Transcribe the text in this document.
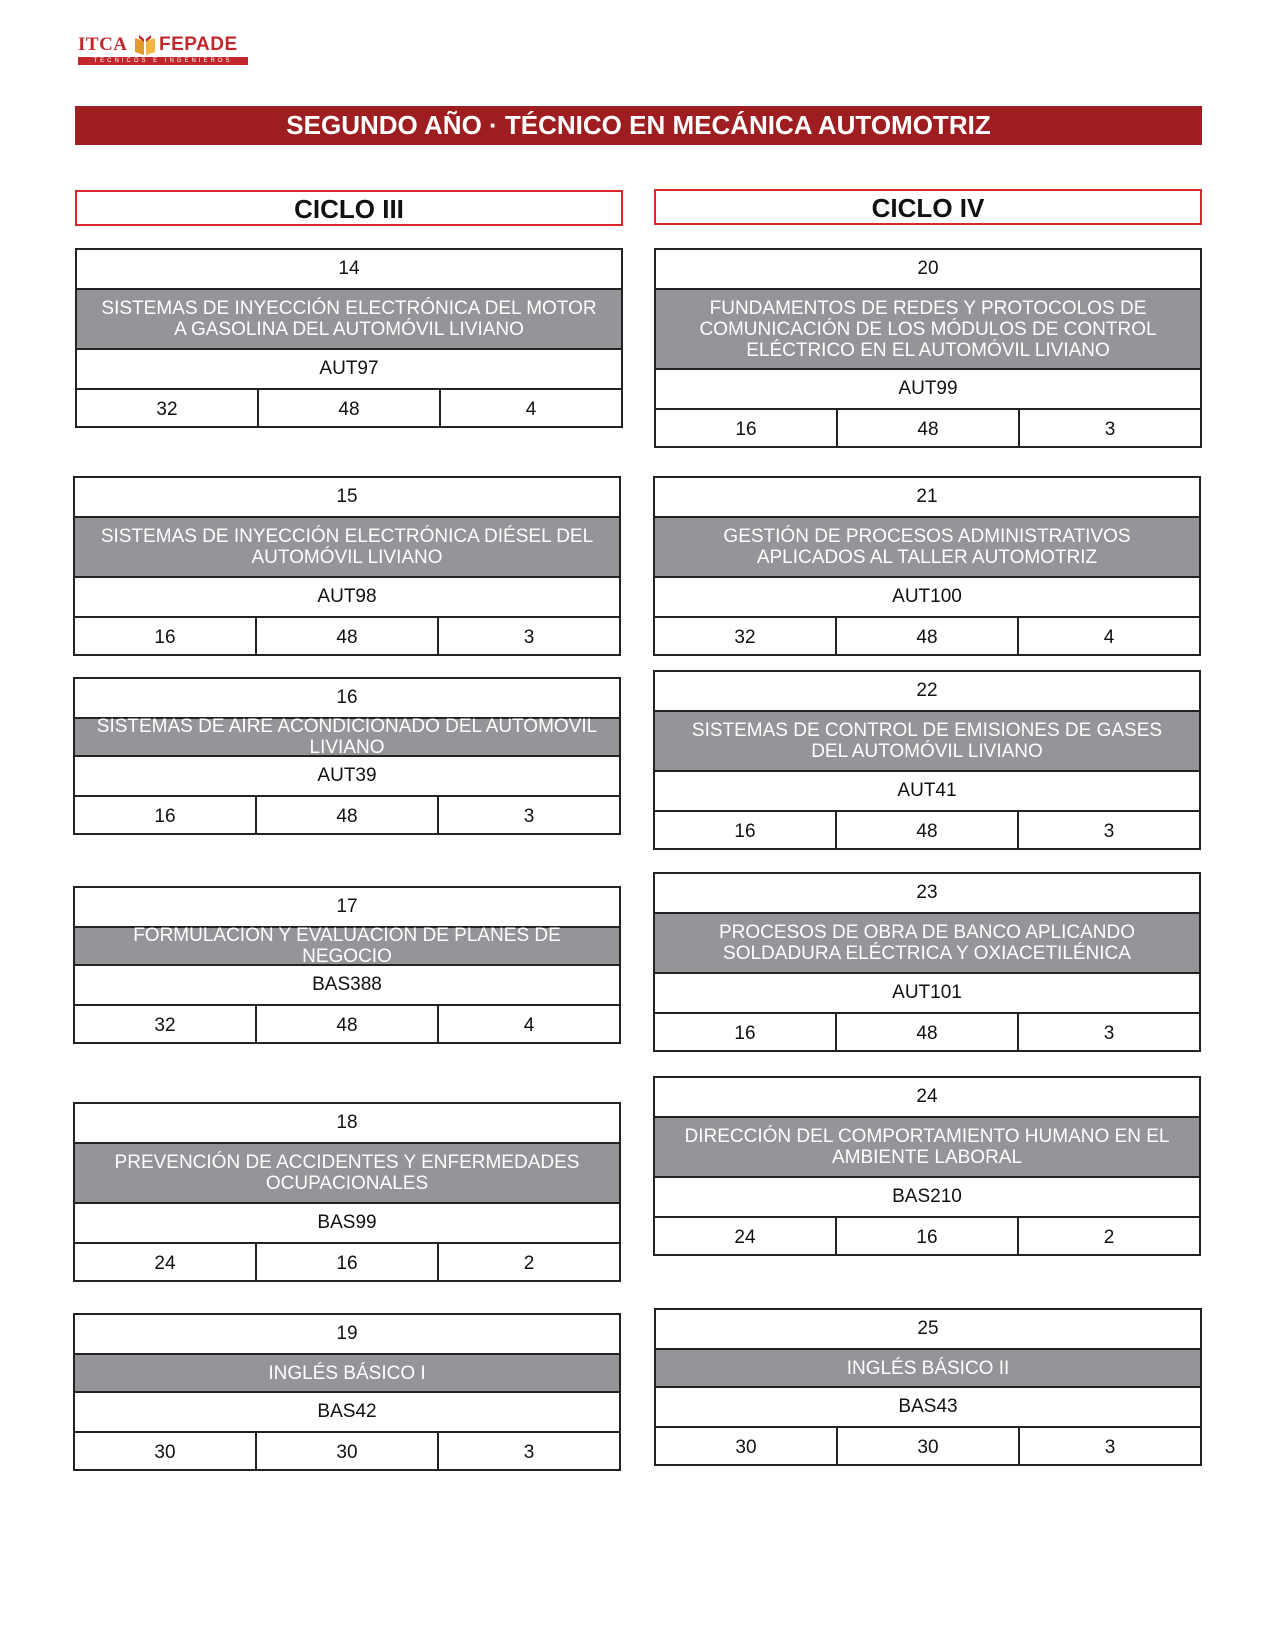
ITCA FEPADE
TÉCNICOS E INGENIEROS
SEGUNDO AÑO · TÉCNICO EN MECÁNICA AUTOMOTRIZ
CICLO III	CICLO IV
14
SISTEMAS DE INYECCIÓN ELECTRÓNICA DEL MOTOR A GASOLINA DEL AUTOMÓVIL LIVIANO
AUT97
32	48	4
15
SISTEMAS DE INYECCIÓN ELECTRÓNICA DIÉSEL DEL AUTOMÓVIL LIVIANO
AUT98
16	48	3
16
SISTEMAS DE AIRE ACONDICIONADO DEL AUTOMOVIL LIVIANO
AUT39
16	48	3
17
FORMULACIÓN Y EVALUACIÓN DE PLANES DE NEGOCIO
BAS388
32	48	4
18
PREVENCIÓN DE ACCIDENTES Y ENFERMEDADES OCUPACIONALES
BAS99
24	16	2
19
INGLÉS BÁSICO I
BAS42
30	30	3
20
FUNDAMENTOS DE REDES Y PROTOCOLOS DE COMUNICACIÓN DE LOS MÓDULOS DE CONTROL ELÉCTRICO EN EL AUTOMÓVIL LIVIANO
AUT99
16	48	3
21
GESTIÓN DE PROCESOS ADMINISTRATIVOS APLICADOS AL TALLER AUTOMOTRIZ
AUT100
32	48	4
22
SISTEMAS DE CONTROL DE EMISIONES DE GASES DEL AUTOMÓVIL LIVIANO
AUT41
16	48	3
23
PROCESOS DE OBRA DE BANCO APLICANDO SOLDADURA ELÉCTRICA Y OXIACETILÉNICA
AUT101
16	48	3
24
DIRECCIÓN DEL COMPORTAMIENTO HUMANO EN EL AMBIENTE LABORAL
BAS210
24	16	2
25
INGLÉS BÁSICO II
BAS43
30	30	3
